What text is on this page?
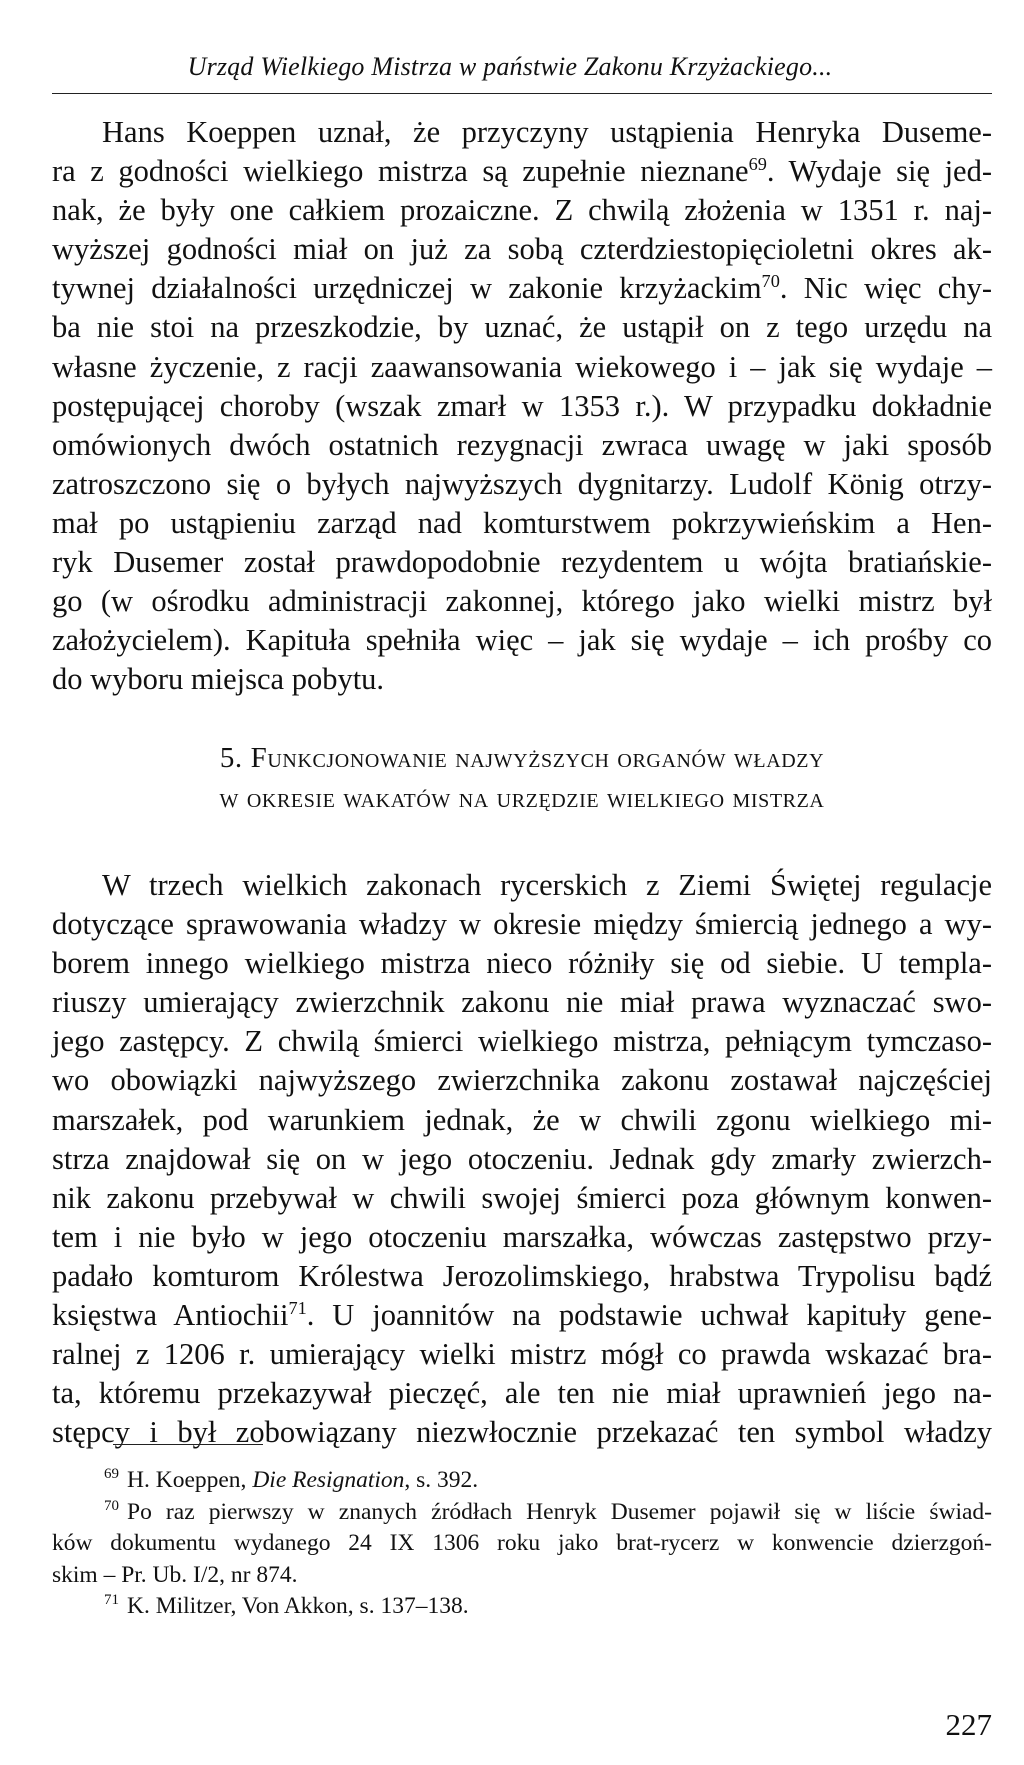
Urząd Wielkiego Mistrza w państwie Zakonu Krzyżackiego...
Hans Koeppen uznał, że przyczyny ustąpienia Henryka Duseme-
ra z godności wielkiego mistrza są zupełnie nieznane$^{69}$. Wydaje się jed-
nak, że były one całkiem prozaiczne. Z chwilą złożenia w 1351 r. naj-
wyższej godności miał on już za sobą czterdziestopięcioletni okres ak-
tywnej działalności urzędniczej w zakonie krzyżackim$^{70}$. Nic więc chy-
ba nie stoi na przeszkodzie, by uznać, że ustąpił on z tego urzędu na
własne życzenie, z racji zaawansowania wiekowego i – jak się wydaje –
postępującej choroby (wszak zmarł w 1353 r.). W przypadku dokładnie
omówionych dwóch ostatnich rezygnacji zwraca uwagę w jaki sposób
zatroszczono się o byłych najwyższych dygnitarzy. Ludolf König otrzy-
mał po ustąpieniu zarząd nad komturstwem pokrzywieńskim a Hen-
ryk Dusemer został prawdopodobnie rezydentem u wójta bratiańskie-
go (w ośrodku administracji zakonnej, którego jako wielki mistrz był
założycielem). Kapituła spełniła więc – jak się wydaje – ich prośby co
do wyboru miejsca pobytu.
5. Funkcjonowanie najwyższych organów władzy
w okresie wakatów na urzędzie wielkiego mistrza
W trzech wielkich zakonach rycerskich z Ziemi Świętej regulacje
dotyczące sprawowania władzy w okresie między śmiercią jednego a wy-
borem innego wielkiego mistrza nieco różniły się od siebie. U templa-
riuszy umierający zwierzchnik zakonu nie miał prawa wyznaczać swo-
jego zastępcy. Z chwilą śmierci wielkiego mistrza, pełniącym tymczaso-
wo obowiązki najwyższego zwierzchnika zakonu zostawał najczęściej
marszałek, pod warunkiem jednak, że w chwili zgonu wielkiego mi-
strza znajdował się on w jego otoczeniu. Jednak gdy zmarły zwierzch-
nik zakonu przebywał w chwili swojej śmierci poza głównym konwen-
tem i nie było w jego otoczeniu marszałka, wówczas zastępstwo przy-
padało komturom Królestwa Jerozolimskiego, hrabstwa Trypolisu bądź
księstwa Antiochii$^{71}$. U joannitów na podstawie uchwał kapituły gene-
ralnej z 1206 r. umierający wielki mistrz mógł co prawda wskazać bra-
ta, któremu przekazywał pieczęć, ale ten nie miał uprawnień jego na-
stępcy i był zobowiązany niezwłocznie przekazać ten symbol władzy
$^{69}$ H. Koeppen, Die Resignation, s. 392.
$^{70}$ Po raz pierwszy w znanych źródłach Henryk Dusemer pojawił się w liście świad-
ków dokumentu wydanego 24 IX 1306 roku jako brat-rycerz w konwencie dzierzgoń-
skim – Pr. Ub. I/2, nr 874.
$^{71}$ K. Militzer, Von Akkon, s. 137–138.
227
